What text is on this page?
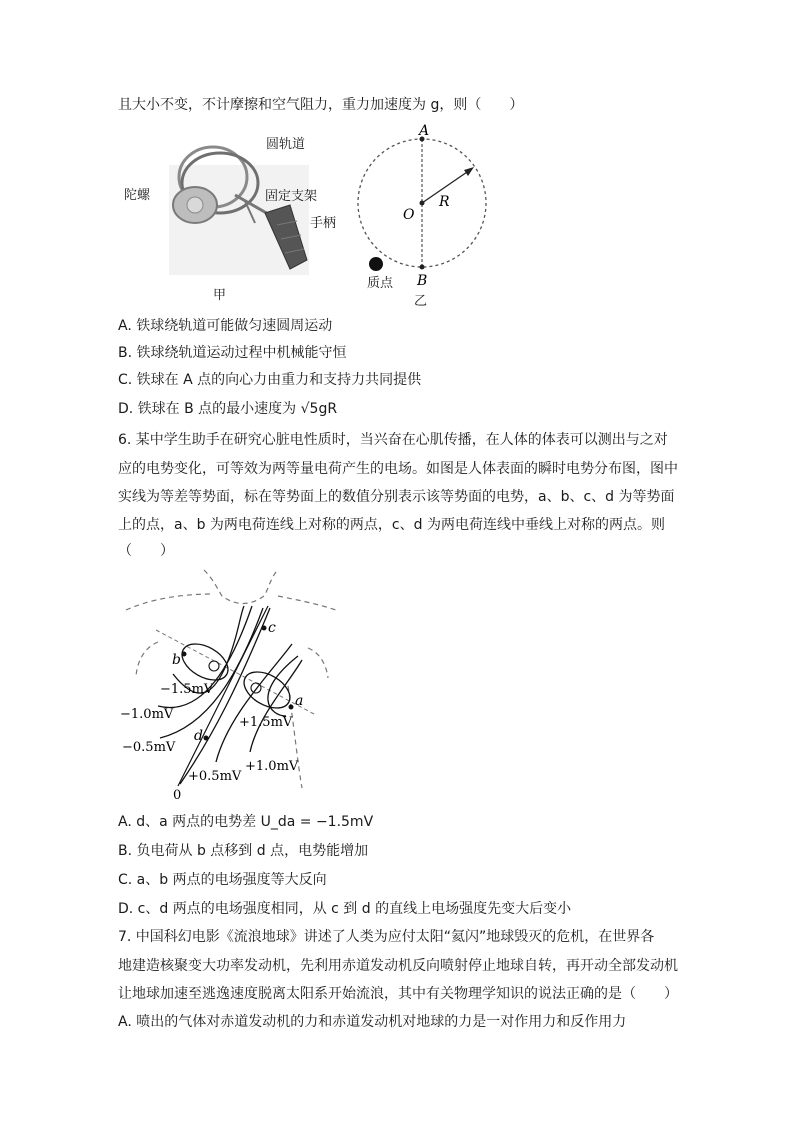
且大小不变，不计摩擦和空气阻力，重力加速度为 g，则（　　）
圆轨道
陀螺	固定支架
手柄
甲
A
O
R
B
质点
乙
A. 铁球绕轨道可能做匀速圆周运动
B. 铁球绕轨道运动过程中机械能守恒
C. 铁球在 A 点的向心力由重力和支持力共同提供
D. 铁球在 B 点的最小速度为 √5gR
6. 某中学生助手在研究心脏电性质时，当兴奋在心肌传播，在人体的体表可以测出与之对
应的电势变化，可等效为两等量电荷产生的电场。如图是人体表面的瞬时电势分布图，图中
实线为等差等势面，标在等势面上的数值分别表示该等势面的电势，a、b、c、d 为等势面
上的点，a、b 为两电荷连线上对称的两点，c、d 为两电荷连线中垂线上对称的两点。则
（　　）
c
b
a
d
−1.5mV
−1.0mV
−0.5mV
+1.5mV
+1.0mV
+0.5mV
0
A. d、a 两点的电势差 U_da = −1.5mV
B. 负电荷从 b 点移到 d 点，电势能增加
C. a、b 两点的电场强度等大反向
D. c、d 两点的电场强度相同，从 c 到 d 的直线上电场强度先变大后变小
7. 中国科幻电影《流浪地球》讲述了人类为应付太阳“氦闪”地球毁灭的危机，在世界各
地建造核聚变大功率发动机，先利用赤道发动机反向喷射停止地球自转，再开动全部发动机
让地球加速至逃逸速度脱离太阳系开始流浪，其中有关物理学知识的说法正确的是（　　）
A. 喷出的气体对赤道发动机的力和赤道发动机对地球的力是一对作用力和反作用力
